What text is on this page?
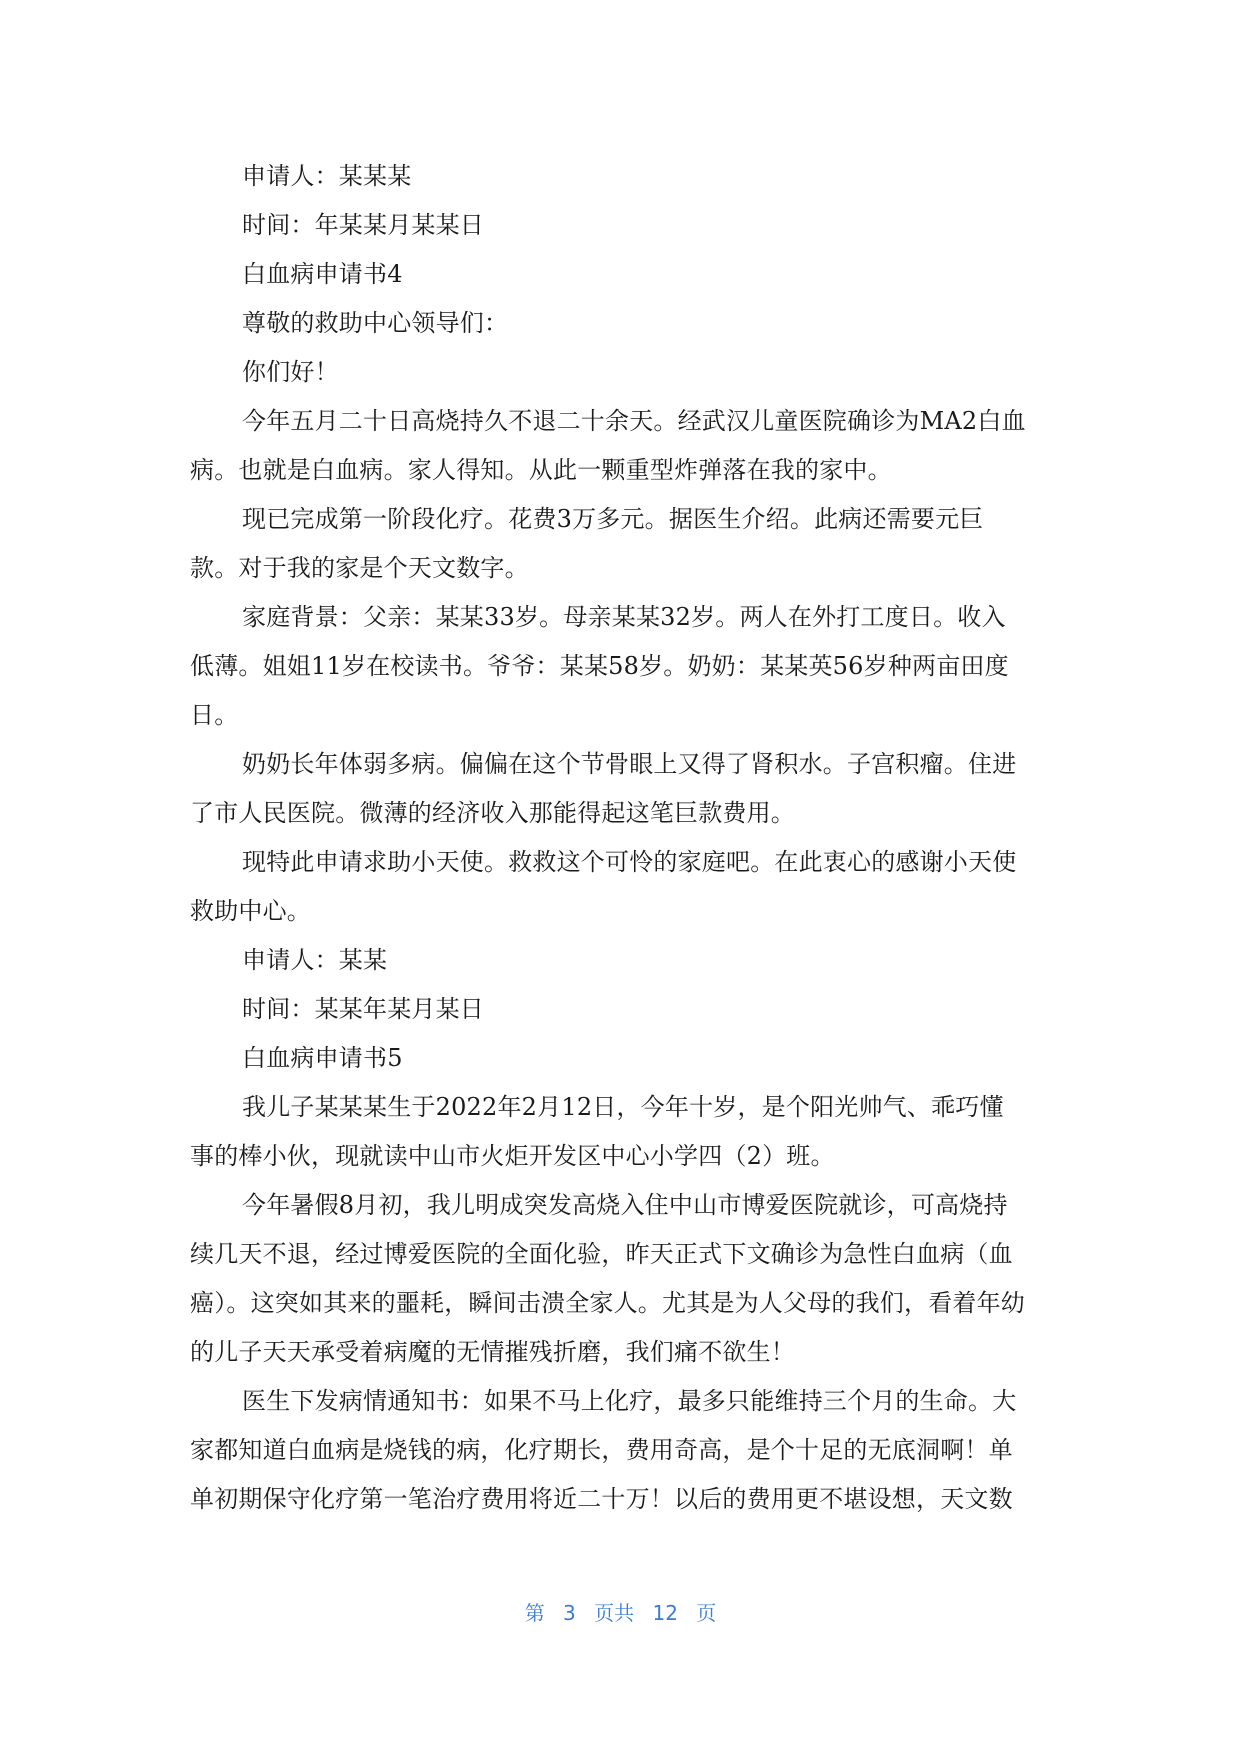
申请人：某某某
时间：年某某月某某日
白血病申请书4
尊敬的救助中心领导们：
你们好！
今年五月二十日高烧持久不退二十余天。经武汉儿童医院确诊为MA2白血
病。也就是白血病。家人得知。从此一颗重型炸弹落在我的家中。
现已完成第一阶段化疗。花费3万多元。据医生介绍。此病还需要元巨
款。对于我的家是个天文数字。
家庭背景：父亲：某某33岁。母亲某某32岁。两人在外打工度日。收入
低薄。姐姐11岁在校读书。爷爷：某某58岁。奶奶：某某英56岁种两亩田度
日。
奶奶长年体弱多病。偏偏在这个节骨眼上又得了肾积水。子宫积瘤。住进
了市人民医院。微薄的经济收入那能得起这笔巨款费用。
现特此申请求助小天使。救救这个可怜的家庭吧。在此衷心的感谢小天使
救助中心。
申请人：某某
时间：某某年某月某日
白血病申请书5
我儿子某某某生于2022年2月12日，今年十岁，是个阳光帅气、乖巧懂
事的棒小伙，现就读中山市火炬开发区中心小学四（2）班。
今年暑假8月初，我儿明成突发高烧入住中山市博爱医院就诊，可高烧持
续几天不退，经过博爱医院的全面化验，昨天正式下文确诊为急性白血病（血
癌）。这突如其来的噩耗，瞬间击溃全家人。尤其是为人父母的我们，看着年幼
的儿子天天承受着病魔的无情摧残折磨，我们痛不欲生！
医生下发病情通知书：如果不马上化疗，最多只能维持三个月的生命。大
家都知道白血病是烧钱的病，化疗期长，费用奇高，是个十足的无底洞啊！单
单初期保守化疗第一笔治疗费用将近二十万！以后的费用更不堪设想，天文数
第 3 页共 12 页
